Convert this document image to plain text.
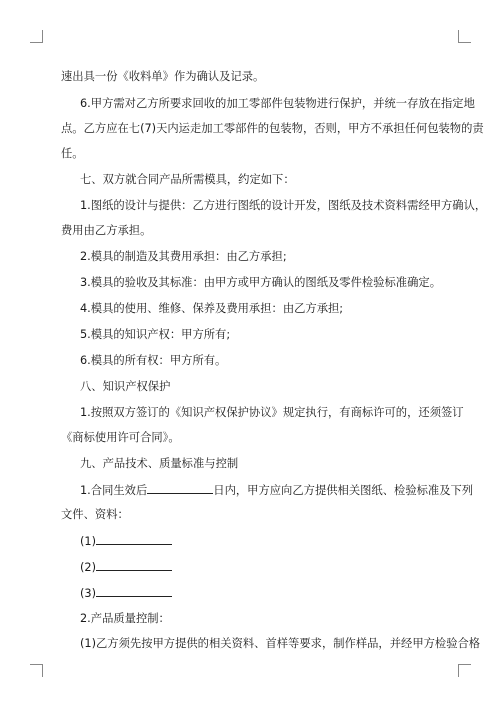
速出具一份《收料单》作为确认及记录。
6.甲方需对乙方所要求回收的加工零部件包装物进行保护，并统一存放在指定地
点。乙方应在七(7)天内运走加工零部件的包装物，否则，甲方不承担任何包装物的责
任。
七、双方就合同产品所需模具，约定如下：
1.图纸的设计与提供：乙方进行图纸的设计开发，图纸及技术资料需经甲方确认，
费用由乙方承担。
2.模具的制造及其费用承担：由乙方承担;
3.模具的验收及其标准：由甲方或甲方确认的图纸及零件检验标准确定。
4.模具的使用、维修、保养及费用承担：由乙方承担;
5.模具的知识产权：甲方所有;
6.模具的所有权：甲方所有。
八、知识产权保护
1.按照双方签订的《知识产权保护协议》规定执行，有商标许可的，还须签订
《商标使用许可合同》。
九、产品技术、质量标准与控制
1.合同生效后	日内，甲方应向乙方提供相关图纸、检验标准及下列
文件、资料：
(1)
(2)
(3)
2.产品质量控制：
(1)乙方须先按甲方提供的相关资料、首样等要求，制作样品，并经甲方检验合格
